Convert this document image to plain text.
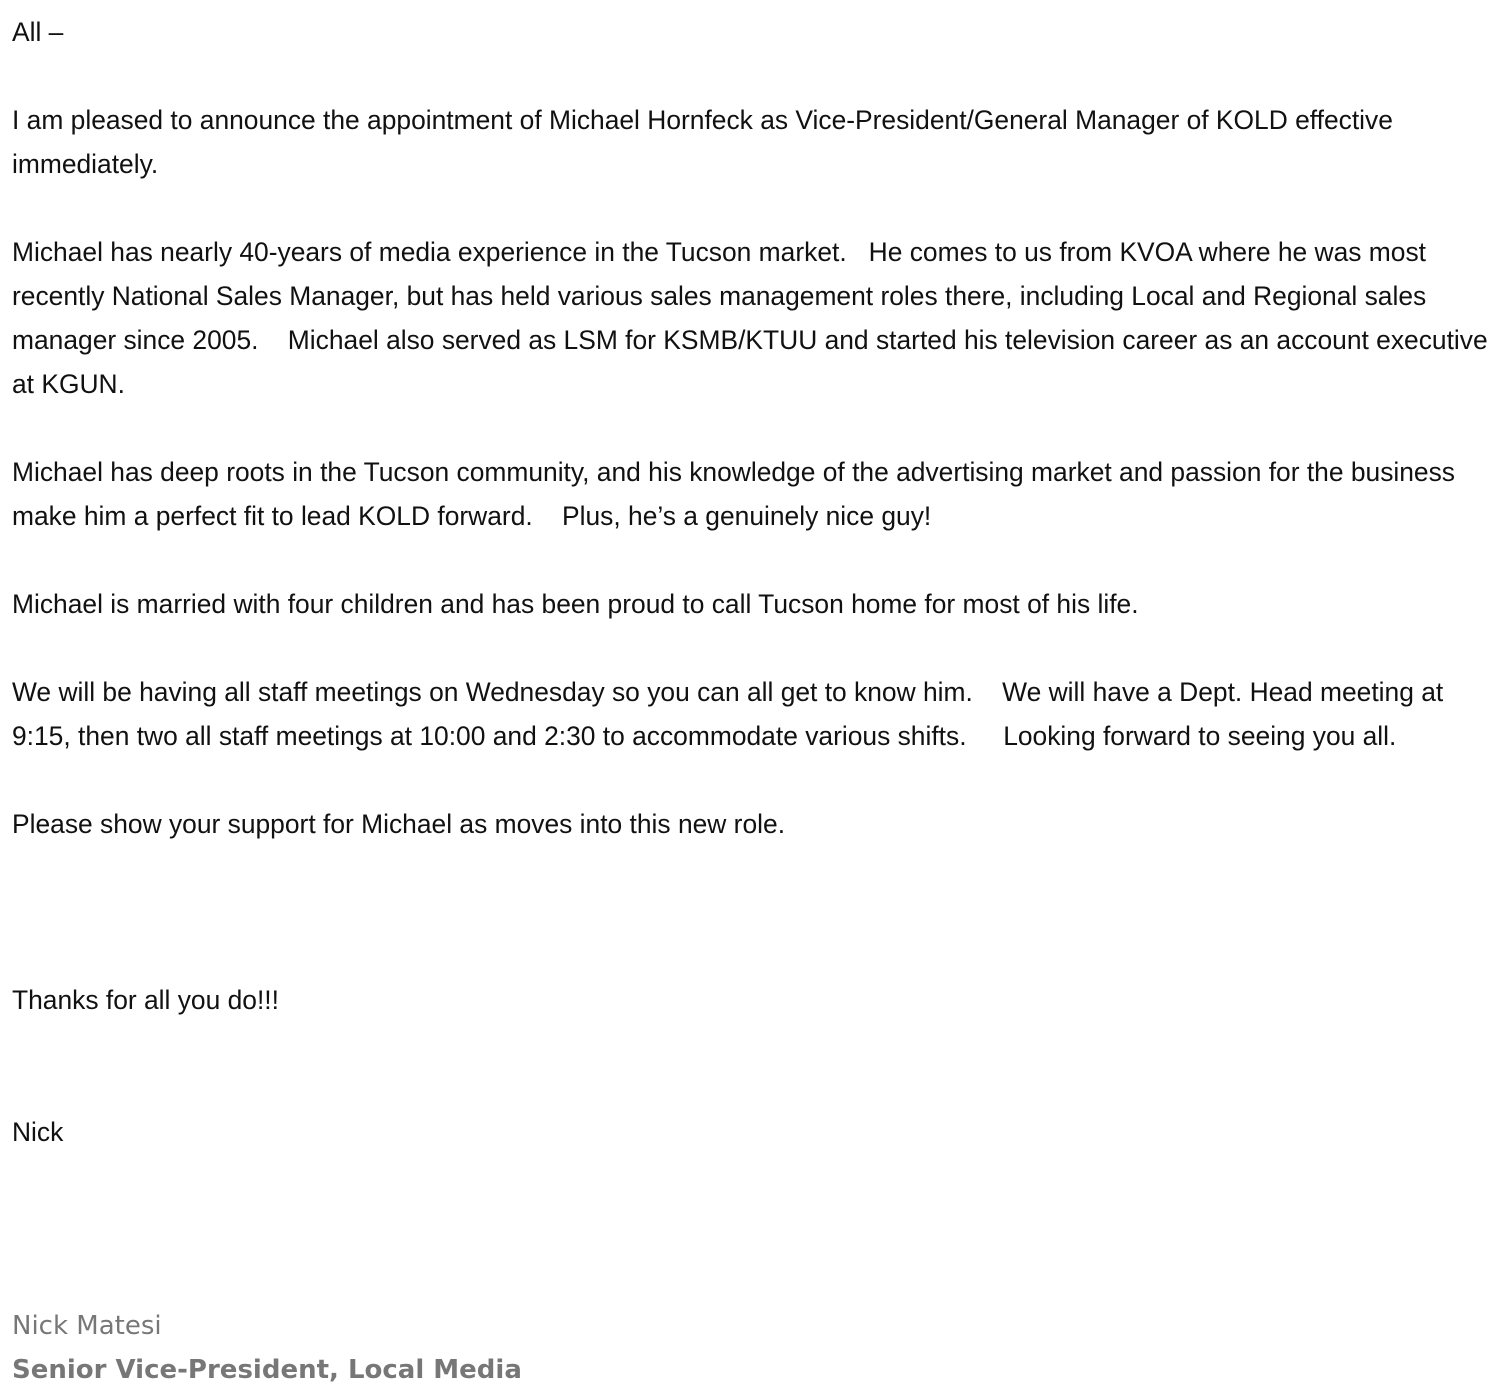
All –

I am pleased to announce the appointment of Michael Hornfeck as Vice-President/General Manager of KOLD effective immediately.

Michael has nearly 40-years of media experience in the Tucson market.   He comes to us from KVOA where he was most recently National Sales Manager, but has held various sales management roles there, including Local and Regional sales manager since 2005.    Michael also served as LSM for KSMB/KTUU and started his television career as an account executive at KGUN.

Michael has deep roots in the Tucson community, and his knowledge of the advertising market and passion for the business make him a perfect fit to lead KOLD forward.    Plus, he’s a genuinely nice guy!

Michael is married with four children and has been proud to call Tucson home for most of his life.

We will be having all staff meetings on Wednesday so you can all get to know him.    We will have a Dept. Head meeting at 9:15, then two all staff meetings at 10:00 and 2:30 to accommodate various shifts.     Looking forward to seeing you all.

Please show your support for Michael as moves into this new role.

Thanks for all you do!!!

Nick

Nick Matesi
Senior Vice-President, Local Media
